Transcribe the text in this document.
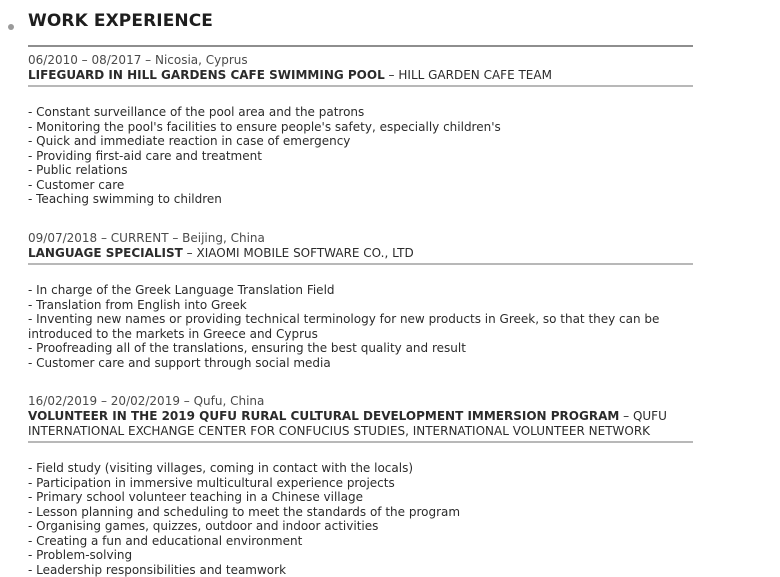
WORK EXPERIENCE
06/2010 – 08/2017 – Nicosia, Cyprus
LIFEGUARD IN HILL GARDENS CAFE SWIMMING POOL – HILL GARDEN CAFE TEAM
- Constant surveillance of the pool area and the patrons
- Monitoring the pool's facilities to ensure people's safety, especially children's
- Quick and immediate reaction in case of emergency
- Providing first-aid care and treatment
- Public relations
- Customer care
- Teaching swimming to children
09/07/2018 – CURRENT – Beijing, China
LANGUAGE SPECIALIST – XIAOMI MOBILE SOFTWARE CO., LTD
- In charge of the Greek Language Translation Field
- Translation from English into Greek
- Inventing new names or providing technical terminology for new products in Greek, so that they can be introduced to the markets in Greece and Cyprus
- Proofreading all of the translations, ensuring the best quality and result
- Customer care and support through social media
16/02/2019 – 20/02/2019 – Qufu, China
VOLUNTEER IN THE 2019 QUFU RURAL CULTURAL DEVELOPMENT IMMERSION PROGRAM – QUFU INTERNATIONAL EXCHANGE CENTER FOR CONFUCIUS STUDIES, INTERNATIONAL VOLUNTEER NETWORK
- Field study (visiting villages, coming in contact with the locals)
- Participation in immersive multicultural experience projects
- Primary school volunteer teaching in a Chinese village
- Lesson planning and scheduling to meet the standards of the program
- Organising games, quizzes, outdoor and indoor activities
- Creating a fun and educational environment
- Problem-solving
- Leadership responsibilities and teamwork
